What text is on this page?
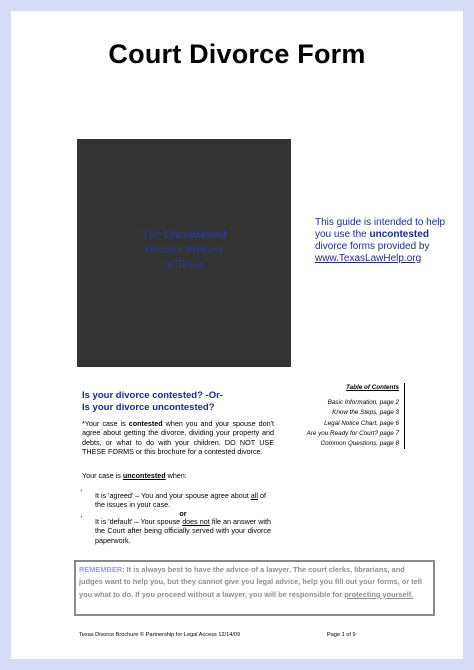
Court Divorce Form
The Uncontested
Divorce Process
in Texas
This guide is intended to help you use the uncontested divorce forms provided by www.TexasLawHelp.org
Table of Contents
Basic Information, page 2
Know the Steps, page 3
Legal Notice Chart, page 6
Are you Ready for Court? page 7
Common Questions, page 8
Is your divorce contested? -Or-
Is your divorce uncontested?
*Your case is contested when you and your spouse don't agree about getting the divorce, dividing your property and debts, or what to do with your children. DO NOT USE THESE FORMS or this brochure for a contested divorce.
Your case is uncontested when:
' It is 'agreed' – You and your spouse agree about all of the issues in your case.
or
' It is 'default' – Your spouse does not file an answer with the Court after being officially served with your divorce paperwork.
REMEMBER: It is always best to have the advice of a lawyer. The court clerks, librarians, and judges want to help you, but they cannot give you legal advice, help you fill out your forms, or tell you what to do. If you proceed without a lawyer, you will be responsible for protecting yourself.
Texas Divorce Brochure © Partnership for Legal Access 12/14/09	Page 1 of 9
